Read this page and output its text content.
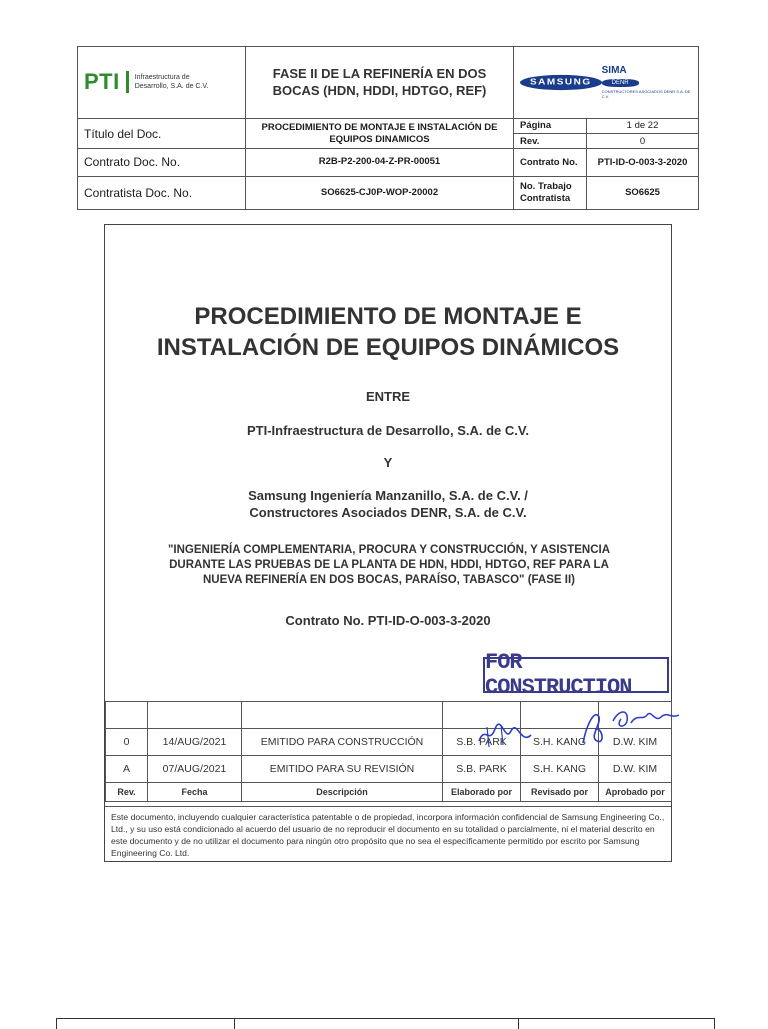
PTI Infraestructura de
Desarrollo, S.A. de C.V.	FASE II DE LA REFINERÍA EN DOS BOCAS (HDN, HDDI, HDTGO, REF)	SAMSUNG
SIMA
DENR
CONSTRUCTORES ASOCIADOS DENR S.A. DE C.V.	

Título del Doc.	PROCEDIMIENTO DE MONTAJE E INSTALACIÓN DE EQUIPOS DINAMICOS	Página	1 de 22
		Rev.	0
Contrato Doc. No.	R2B-P2-200-04-Z-PR-00051	Contrato No.	PTI-ID-O-003-3-2020
Contratista Doc. No.	SO6625-CJ0P-WOP-20002	No. Trabajo Contratista	SO6625
PROCEDIMIENTO DE MONTAJE E
INSTALACIÓN DE EQUIPOS DINÁMICOS
ENTRE
PTI-Infraestructura de Desarrollo, S.A. de C.V.
Y
Samsung Ingeniería Manzanillo, S.A. de C.V. /
Constructores Asociados DENR, S.A. de C.V.
"INGENIERÍA COMPLEMENTARIA, PROCURA Y CONSTRUCCIÓN, Y ASISTENCIA
DURANTE LAS PRUEBAS DE LA PLANTA DE HDN, HDDI, HDTGO, REF PARA LA
NUEVA REFINERÍA EN DOS BOCAS, PARAÍSO, TABASCO" (FASE II)
Contrato No. PTI-ID-O-003-3-2020
FOR CONSTRUCTION

0	14/AUG/2021	EMITIDO PARA CONSTRUCCIÓN	S.B. PARK	S.H. KANG	D.W. KIM
A	07/AUG/2021	EMITIDO PARA SU REVISIÓN	S.B. PARK	S.H. KANG	D.W. KIM
Rev.	Fecha	Descripción	Elaborado por	Revisado por	Aprobado por
Este documento, incluyendo cualquier característica patentable o de propiedad, incorpora información confidencial de Samsung Engineering Co., Ltd., y su uso está condicionado al acuerdo del usuario de no reproducir el documento en su totalidad o parcialmente, ni el material descrito en este documento y de no utilizar el documento para ningún otro propósito que no sea el específicamente permitido por escrito por Samsung Engineering Co. Ltd.
